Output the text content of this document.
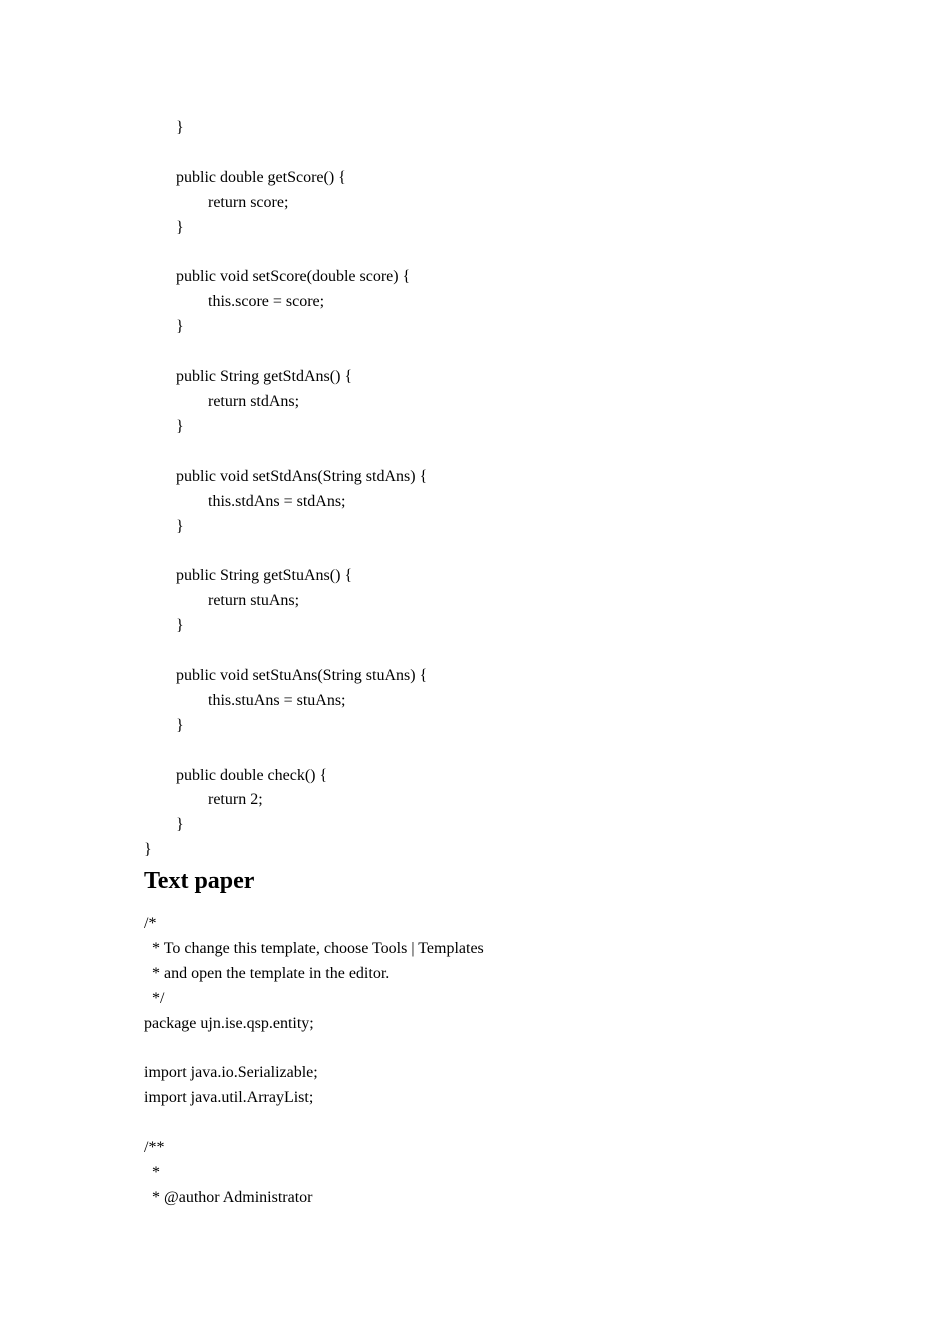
}

public double getScore() {
return score;
}

public void setScore(double score) {
this.score = score;
}

public String getStdAns() {
return stdAns;
}

public void setStdAns(String stdAns) {
this.stdAns = stdAns;
}

public String getStuAns() {
return stuAns;
}

public void setStuAns(String stuAns) {
this.stuAns = stuAns;
}

public double check() {
return 2;
}
}
Text paper
/*
* To change this template, choose Tools | Templates
* and open the template in the editor.
*/
package ujn.ise.qsp.entity;

import java.io.Serializable;
import java.util.ArrayList;

/**
*
* @author Administrator
